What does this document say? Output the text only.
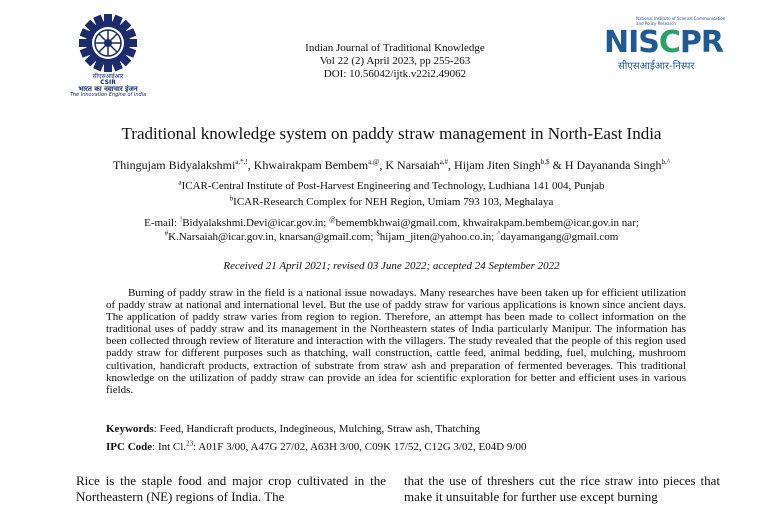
सीएसआईआर
CSIR
भारत का नवाचार इंजन
The Innovation Engine of India
Indian Journal of Traditional Knowledge
Vol 22 (2) April 2023, pp 255-263
DOI: 10.56042/ijtk.v22i2.49062
National Institute of Science Communication and Policy Research
NISCPR
सीएसआईआर-निस्पर
Traditional knowledge system on paddy straw management in North-East India
Thingujam Bidyalakshmi$^{a,*,!}$, Khwairakpam Bembem$^{a,@}$, K Narsaiah$^{a,\#}$, Hijam Jiten Singh$^{b,\$}$ & H Dayananda Singh$^{b,\^{}}$
$^a$ICAR-Central Institute of Post-Harvest Engineering and Technology, Ludhiana 141 004, Punjab
$^b$ICAR-Research Complex for NEH Region, Umiam 793 103, Meghalaya
E-mail: !Bidyalakshmi.Devi@icar.gov.in; @bemembkhwai@gmail.com, khwairakpam.bembem@icar.gov.in nar;
#K.Narsaiah@icar.gov.in, knarsan@gmail.com; $hijam_jiten@yahoo.co.in; ^dayamangang@gmail.com
Received 21 April 2021; revised 03 June 2022; accepted 24 September 2022

Burning of paddy straw in the field is a national issue nowadays. Many researches have been taken up for efficient utilization of paddy straw at national and international level. But the use of paddy straw for various applications is known since ancient days. The application of paddy straw varies from region to region. Therefore, an attempt has been made to collect information on the traditional uses of paddy straw and its management in the Northeastern states of India particularly Manipur. The information has been collected through review of literature and interaction with the villagers. The study revealed that the people of this region used paddy straw for different purposes such as thatching, wall construction, cattle feed, animal bedding, fuel, mulching, mushroom cultivation, handicraft products, extraction of substrate from straw ash and preparation of fermented beverages. This traditional knowledge on the utilization of paddy straw can provide an idea for scientific exploration for better and efficient uses in various fields.

Keywords: Feed, Handicraft products, Indegineous, Mulching, Straw ash, Thatching
IPC Code: Int Cl.$^{23}$: A01F 3/00, A47G 27/02, A63H 3/00, C09K 17/52, C12G 3/02, E04D 9/00
Rice is the staple food and major crop cultivated in the Northeastern (NE) regions of India. The
that the use of threshers cut the rice straw into pieces that make it unsuitable for further use except burning
